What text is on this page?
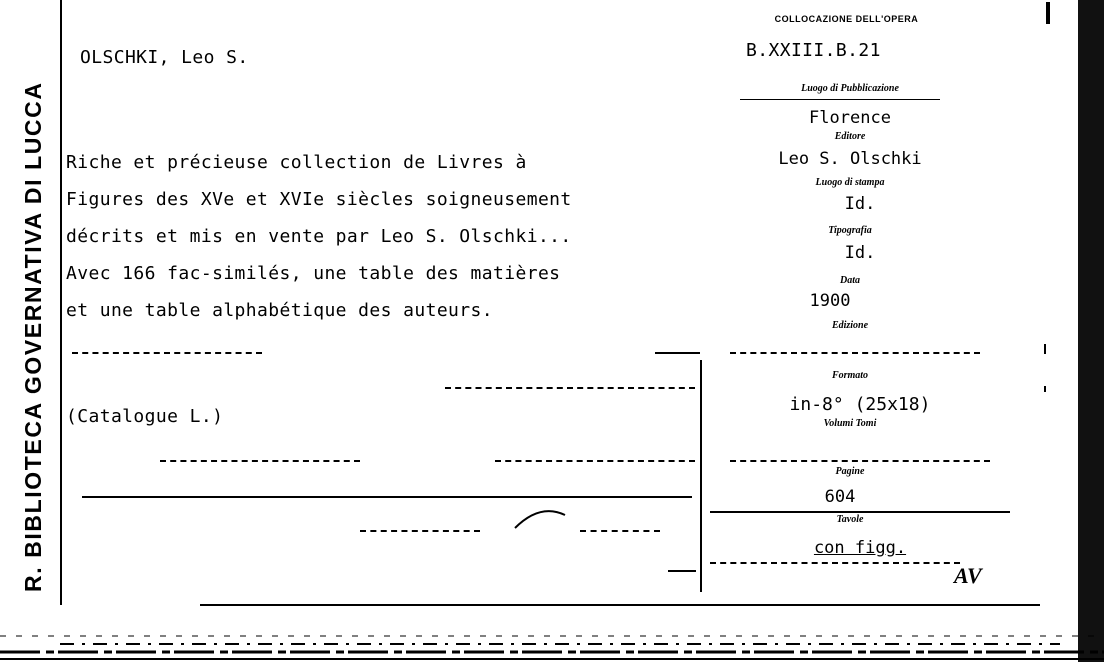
R. BIBLIOTECA GOVERNATIVA DI LUCCA
OLSCHKI, Leo S.
Riche et précieuse collection de Livres à
Figures des XVe et XVIe siècles soigneusement
décrits et mis en vente par Leo S. Olschki...
Avec 166 fac-similés, une table des matières
et une table alphabétique des auteurs.
(Catalogue L.)
COLLOCAZIONE DELL'OPERA
B.XXIII.B.21
Luogo di Pubblicazione
Florence
Editore
Leo S. Olschki
Luogo di stampa
Id.
Tipografia
Id.
Data
1900
Edizione
Formato
in-8° (25x18)
Volumi Tomi
Pagine
604
Tavole
con figg.
AV
